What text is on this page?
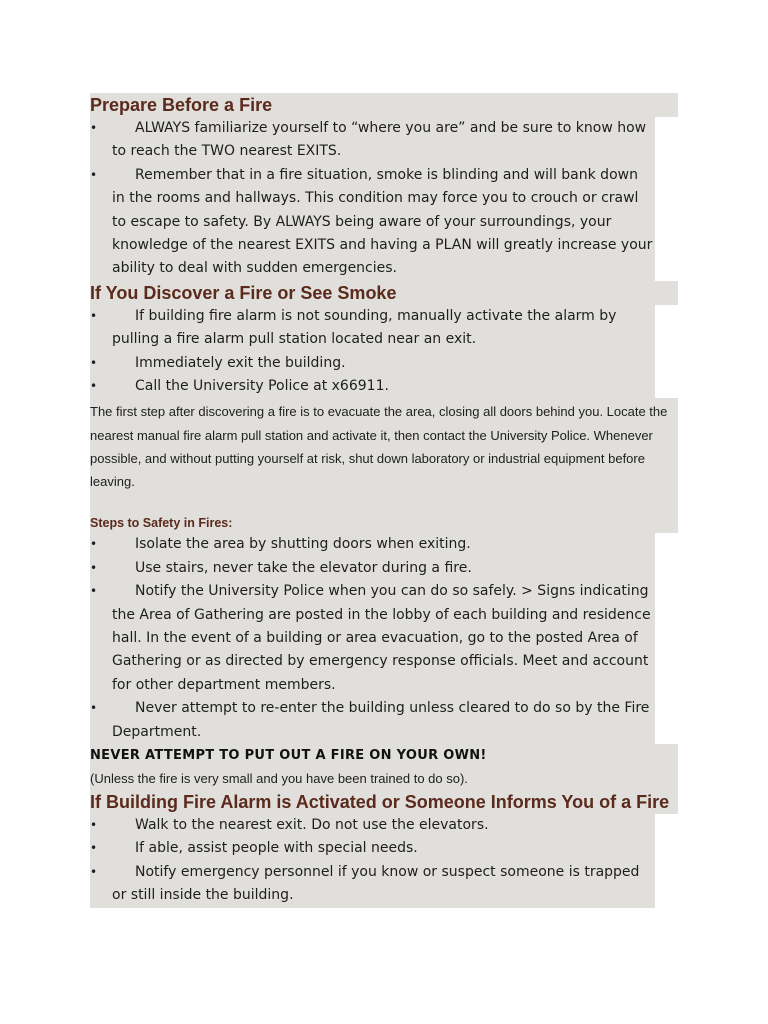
Prepare Before a Fire
•	ALWAYS familiarize yourself to “where you are” and be sure to know how to reach the TWO nearest EXITS.
•	Remember that in a fire situation, smoke is blinding and will bank down in the rooms and hallways. This condition may force you to crouch or crawl to escape to safety. By ALWAYS being aware of your surroundings, your knowledge of the nearest EXITS and having a PLAN will greatly increase your ability to deal with sudden emergencies.
If You Discover a Fire or See Smoke
•	If building fire alarm is not sounding, manually activate the alarm by pulling a fire alarm pull station located near an exit.
•	Immediately exit the building.
•	Call the University Police at x66911.

The first step after discovering a fire is to evacuate the area, closing all doors behind you. Locate the nearest manual fire alarm pull station and activate it, then contact the University Police. Whenever possible, and without putting yourself at risk, shut down laboratory or industrial equipment before leaving.

Steps to Safety in Fires:

•	Isolate the area by shutting doors when exiting.
•	Use stairs, never take the elevator during a fire.
•	Notify the University Police when you can do so safely. > Signs indicating the Area of Gathering are posted in the lobby of each building and residence hall. In the event of a building or area evacuation, go to the posted Area of Gathering or as directed by emergency response officials. Meet and account for other department members.
•	Never attempt to re-enter the building unless cleared to do so by the Fire Department.

NEVER ATTEMPT TO PUT OUT A FIRE ON YOUR OWN!

(Unless the fire is very small and you have been trained to do so).

If Building Fire Alarm is Activated or Someone Informs You of a Fire
•	Walk to the nearest exit. Do not use the elevators.
•	If able, assist people with special needs.
•	Notify emergency personnel if you know or suspect someone is trapped or still inside the building.
